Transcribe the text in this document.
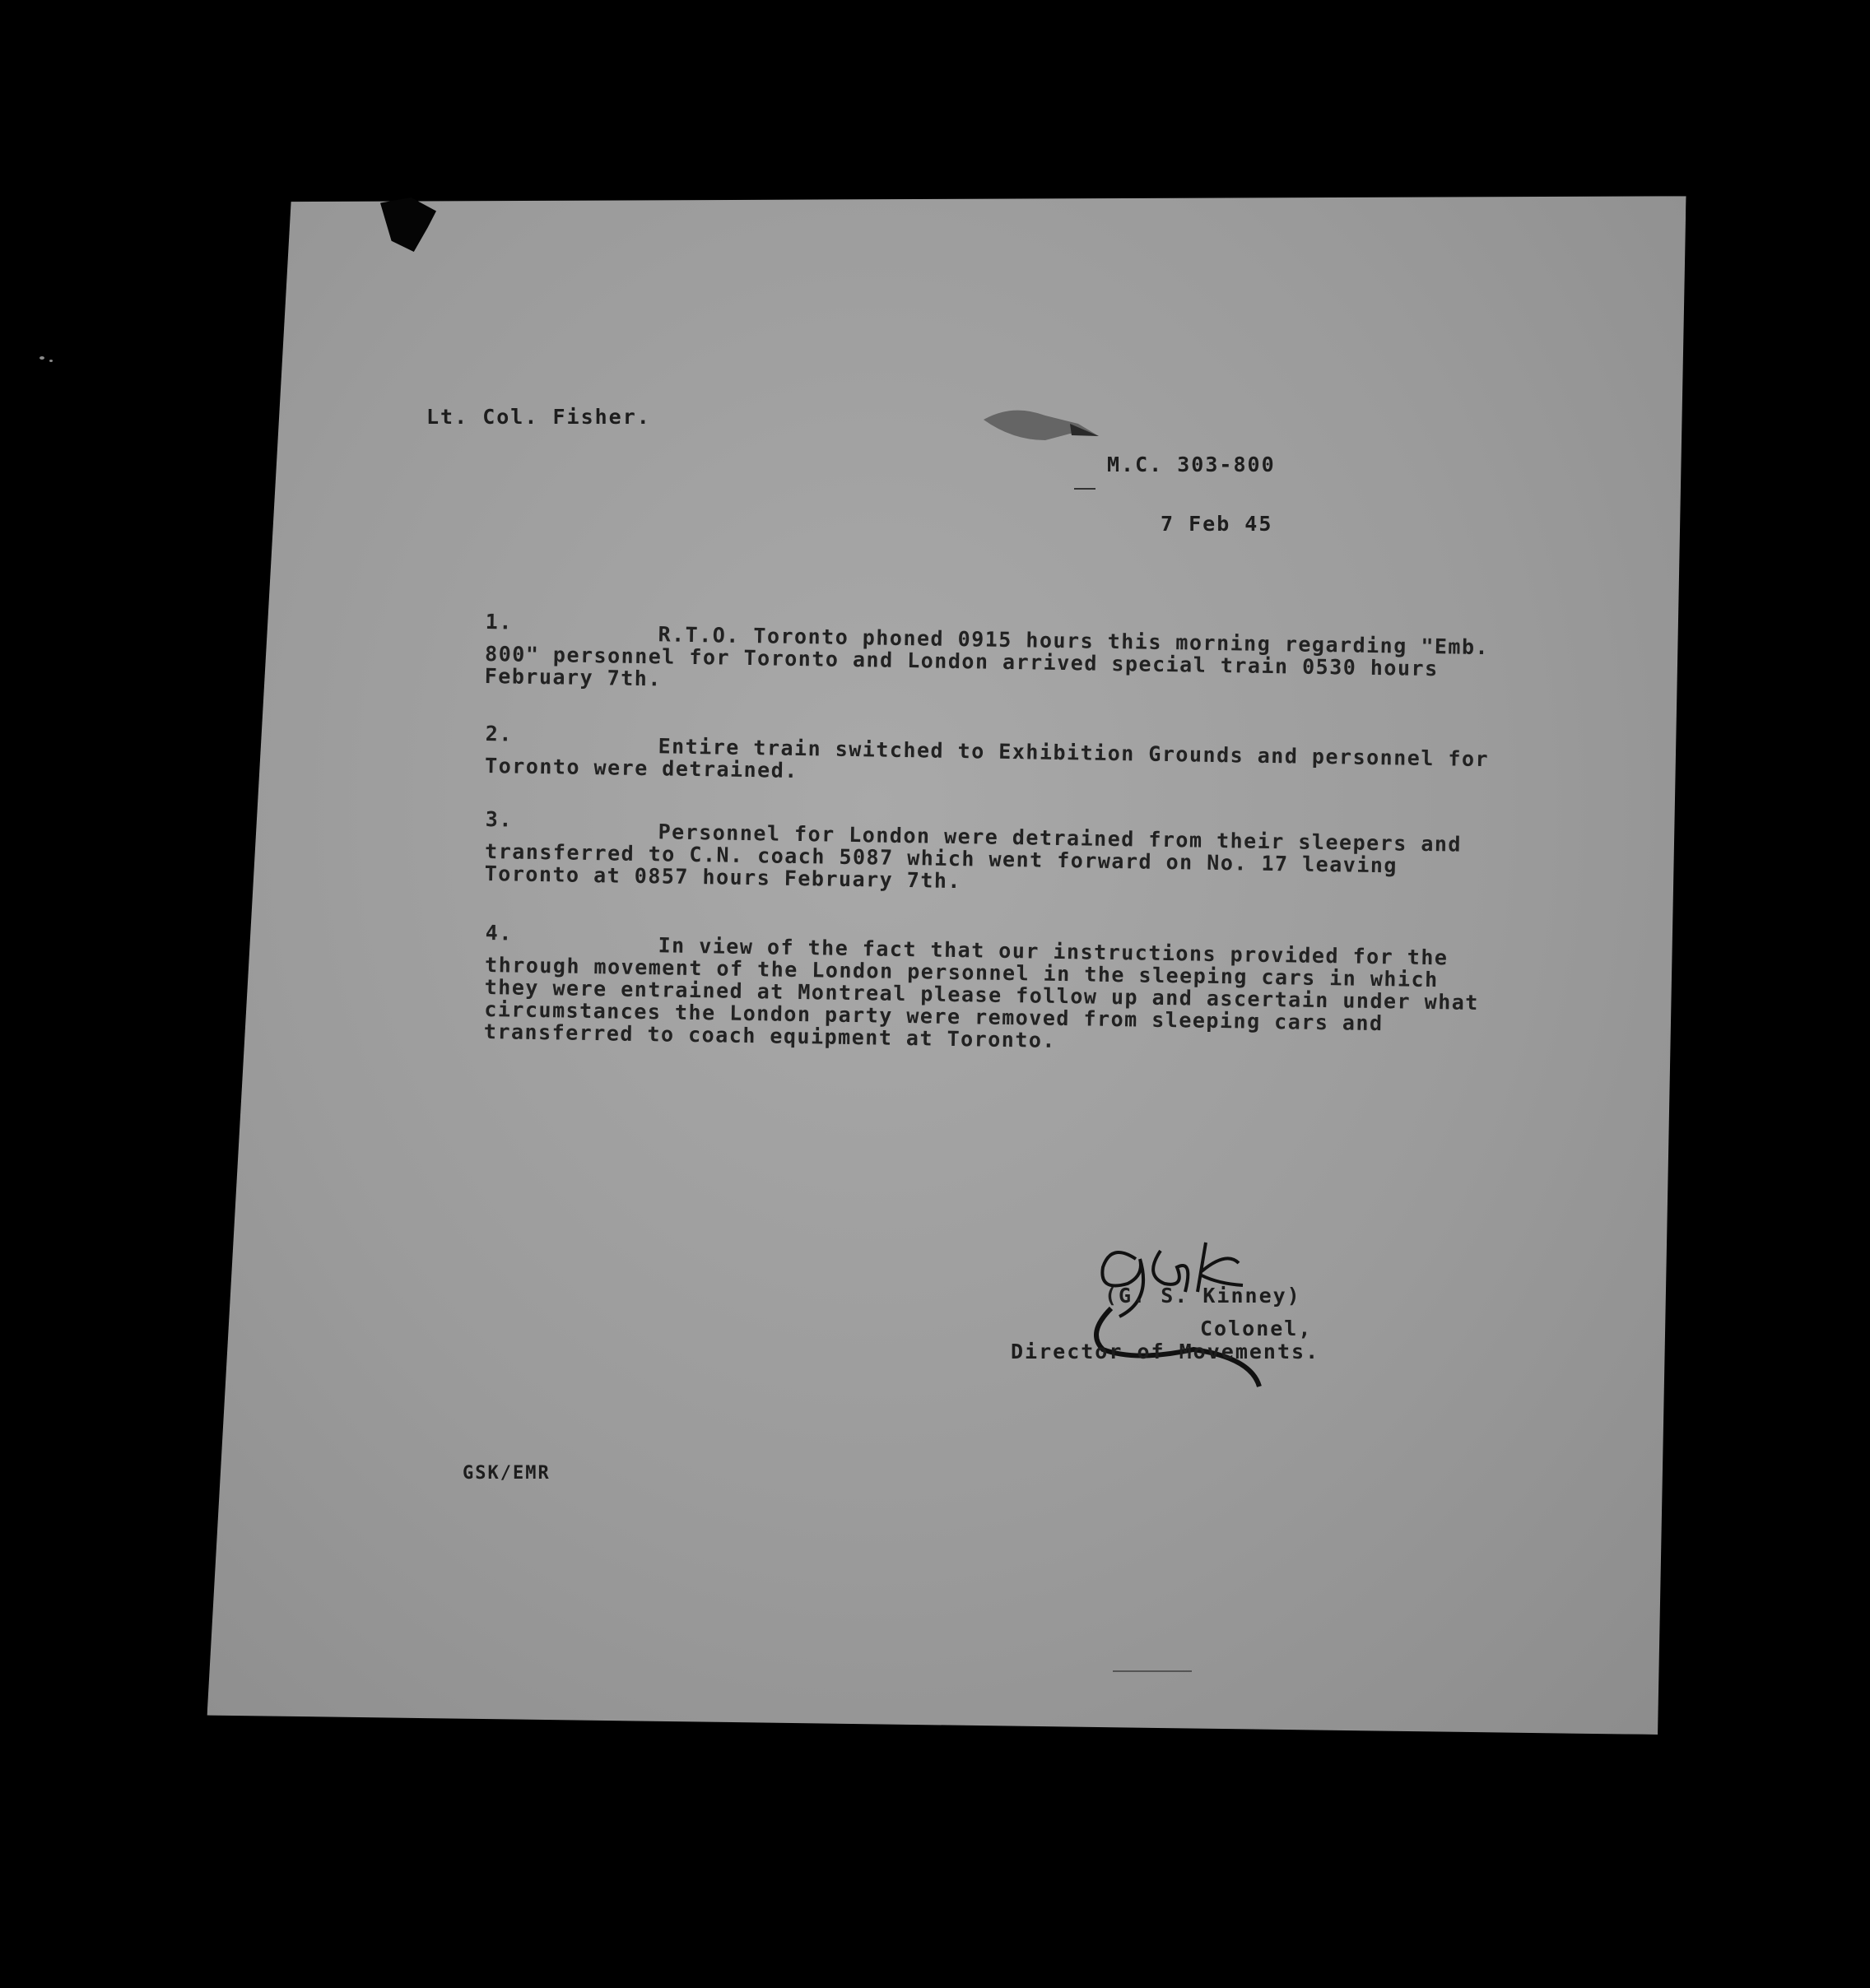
Lt. Col. Fisher.
M.C. 303-800
7 Feb 45
1.
R.T.O. Toronto phoned 0915 hours this morning regarding "Emb. 800" personnel for Toronto and London arrived special train 0530 hours February 7th.
2.
Entire train switched to Exhibition Grounds and personnel for Toronto were detrained.
3.
Personnel for London were detrained from their sleepers and transferred to C.N. coach 5087 which went forward on No. 17 leaving Toronto at 0857 hours February 7th.
4.
In view of the fact that our instructions provided for the through movement of the London personnel in the sleeping cars in which they were entrained at Montreal please follow up and ascertain under what circumstances the London party were removed from sleeping cars and transferred to coach equipment at Toronto.
(G. S. Kinney)
Colonel,
Director of Movements.
GSK/EMR
